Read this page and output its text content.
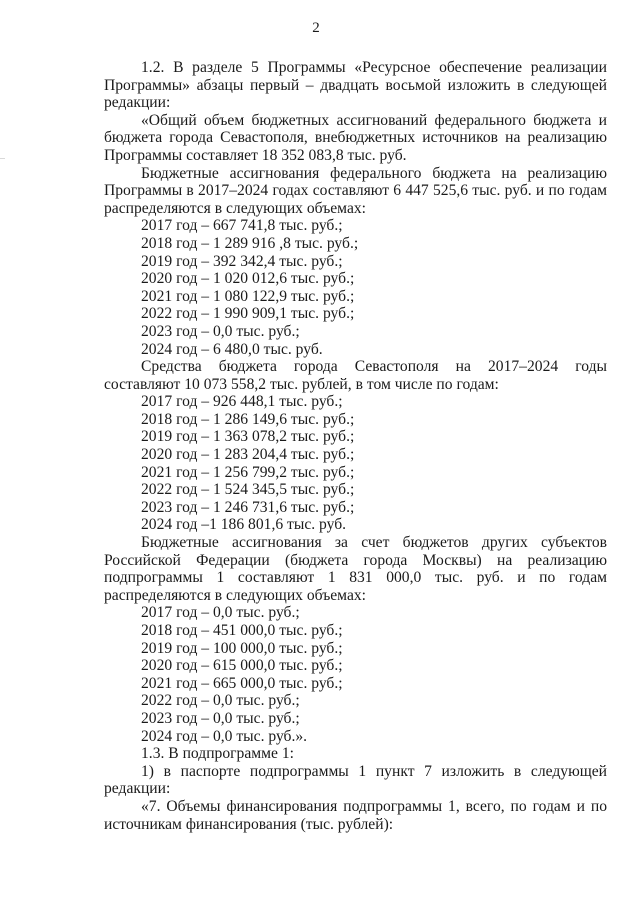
2

1.2. В разделе 5 Программы «Ресурсное обеспечение реализации Программы» абзацы первый – двадцать восьмой изложить в следующей редакции:

«Общий объем бюджетных ассигнований федерального бюджета и бюджета города Севастополя, внебюджетных источников на реализацию Программы составляет 18 352 083,8 тыс. руб.

Бюджетные ассигнования федерального бюджета на реализацию Программы в 2017–2024 годах составляют 6 447 525,6 тыс. руб. и по годам распределяются в следующих объемах:

2017 год – 667 741,8 тыс. руб.;
2018 год – 1 289 916 ,8 тыс. руб.;
2019 год – 392 342,4 тыс. руб.;
2020 год – 1 020 012,6 тыс. руб.;
2021 год – 1 080 122,9 тыс. руб.;
2022 год – 1 990 909,1 тыс. руб.;
2023 год – 0,0 тыс. руб.;
2024 год – 6 480,0 тыс. руб.

Средства бюджета города Севастополя на 2017–2024 годы составляют 10 073 558,2 тыс. рублей, в том числе по годам:

2017 год – 926 448,1 тыс. руб.;
2018 год – 1 286 149,6 тыс. руб.;
2019 год – 1 363 078,2 тыс. руб.;
2020 год – 1 283 204,4 тыс. руб.;
2021 год – 1 256 799,2 тыс. руб.;
2022 год – 1 524 345,5 тыс. руб.;
2023 год – 1 246 731,6 тыс. руб.;
2024 год –1 186 801,6 тыс. руб.

Бюджетные ассигнования за счет бюджетов других субъектов Российской Федерации (бюджета города Москвы) на реализацию подпрограммы 1 составляют 1 831 000,0 тыс. руб. и по годам распределяются в следующих объемах:

2017 год – 0,0 тыс. руб.;
2018 год – 451 000,0 тыс. руб.;
2019 год – 100 000,0 тыс. руб.;
2020 год – 615 000,0 тыс. руб.;
2021 год – 665 000,0 тыс. руб.;
2022 год – 0,0 тыс. руб.;
2023 год – 0,0 тыс. руб.;
2024 год – 0,0 тыс. руб.».

1.3. В подпрограмме 1:

1) в паспорте подпрограммы 1 пункт 7 изложить в следующей редакции:

«7. Объемы финансирования подпрограммы 1, всего, по годам и по источникам финансирования (тыс. рублей):
